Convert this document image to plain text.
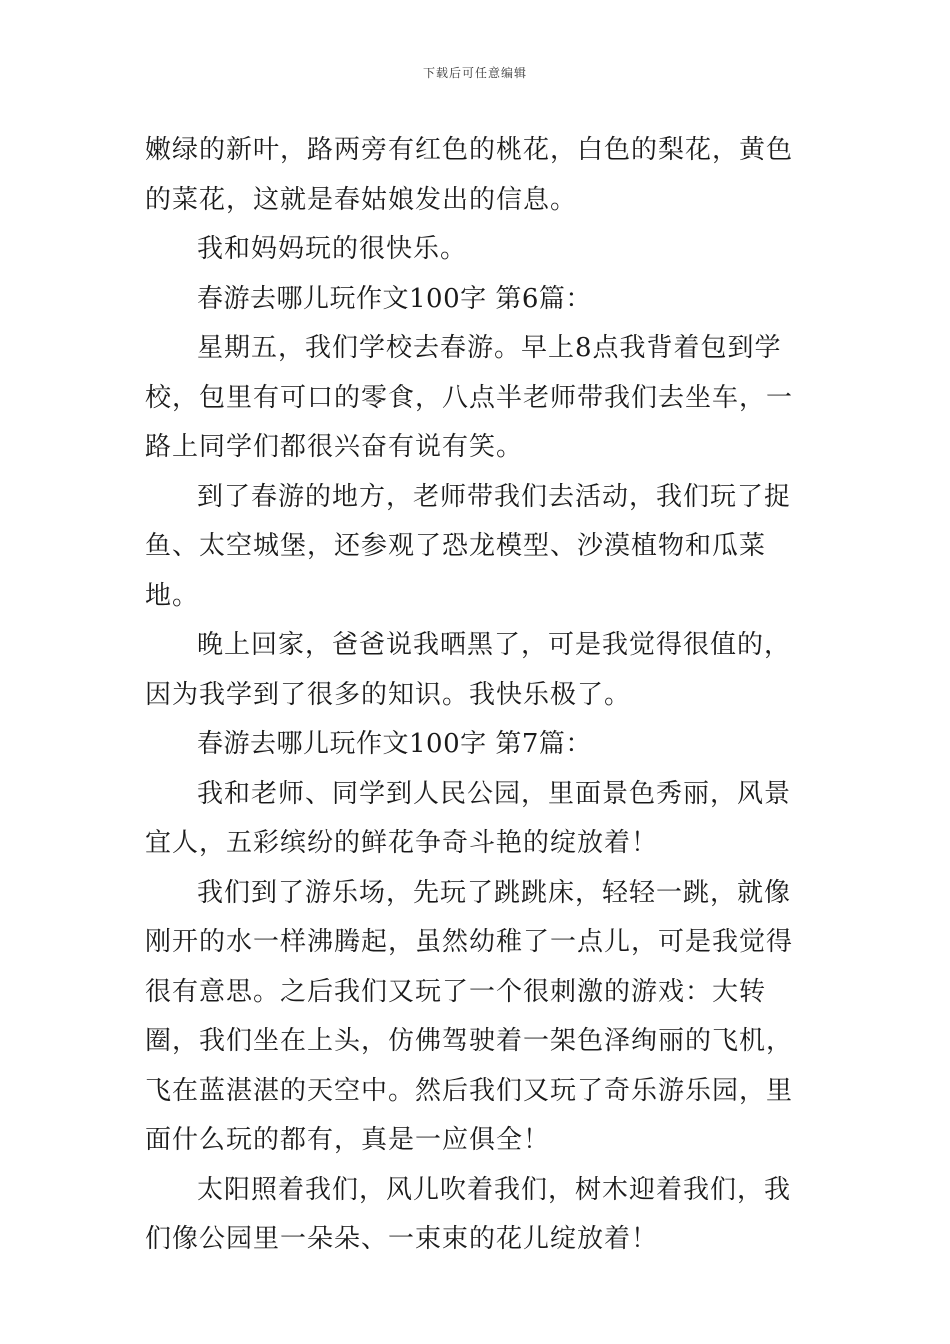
下载后可任意编辑

嫩绿的新叶，路两旁有红色的桃花，白色的梨花，黄色的菜花，这就是春姑娘发出的信息。

我和妈妈玩的很快乐。

春游去哪儿玩作文100字 第6篇：

星期五，我们学校去春游。早上8点我背着包到学校，包里有可口的零食，八点半老师带我们去坐车，一路上同学们都很兴奋有说有笑。

到了春游的地方，老师带我们去活动，我们玩了捉鱼、太空城堡，还参观了恐龙模型、沙漠植物和瓜菜地。

晚上回家，爸爸说我晒黑了，可是我觉得很值的，因为我学到了很多的知识。我快乐极了。

春游去哪儿玩作文100字 第7篇：

我和老师、同学到人民公园，里面景色秀丽，风景宜人，五彩缤纷的鲜花争奇斗艳的绽放着！

我们到了游乐场，先玩了跳跳床，轻轻一跳，就像刚开的水一样沸腾起，虽然幼稚了一点儿，可是我觉得很有意思。之后我们又玩了一个很刺激的游戏：大转圈，我们坐在上头，仿佛驾驶着一架色泽绚丽的飞机，飞在蓝湛湛的天空中。然后我们又玩了奇乐游乐园，里面什么玩的都有，真是一应俱全！

太阳照着我们，风儿吹着我们，树木迎着我们，我们像公园里一朵朵、一束束的花儿绽放着！
